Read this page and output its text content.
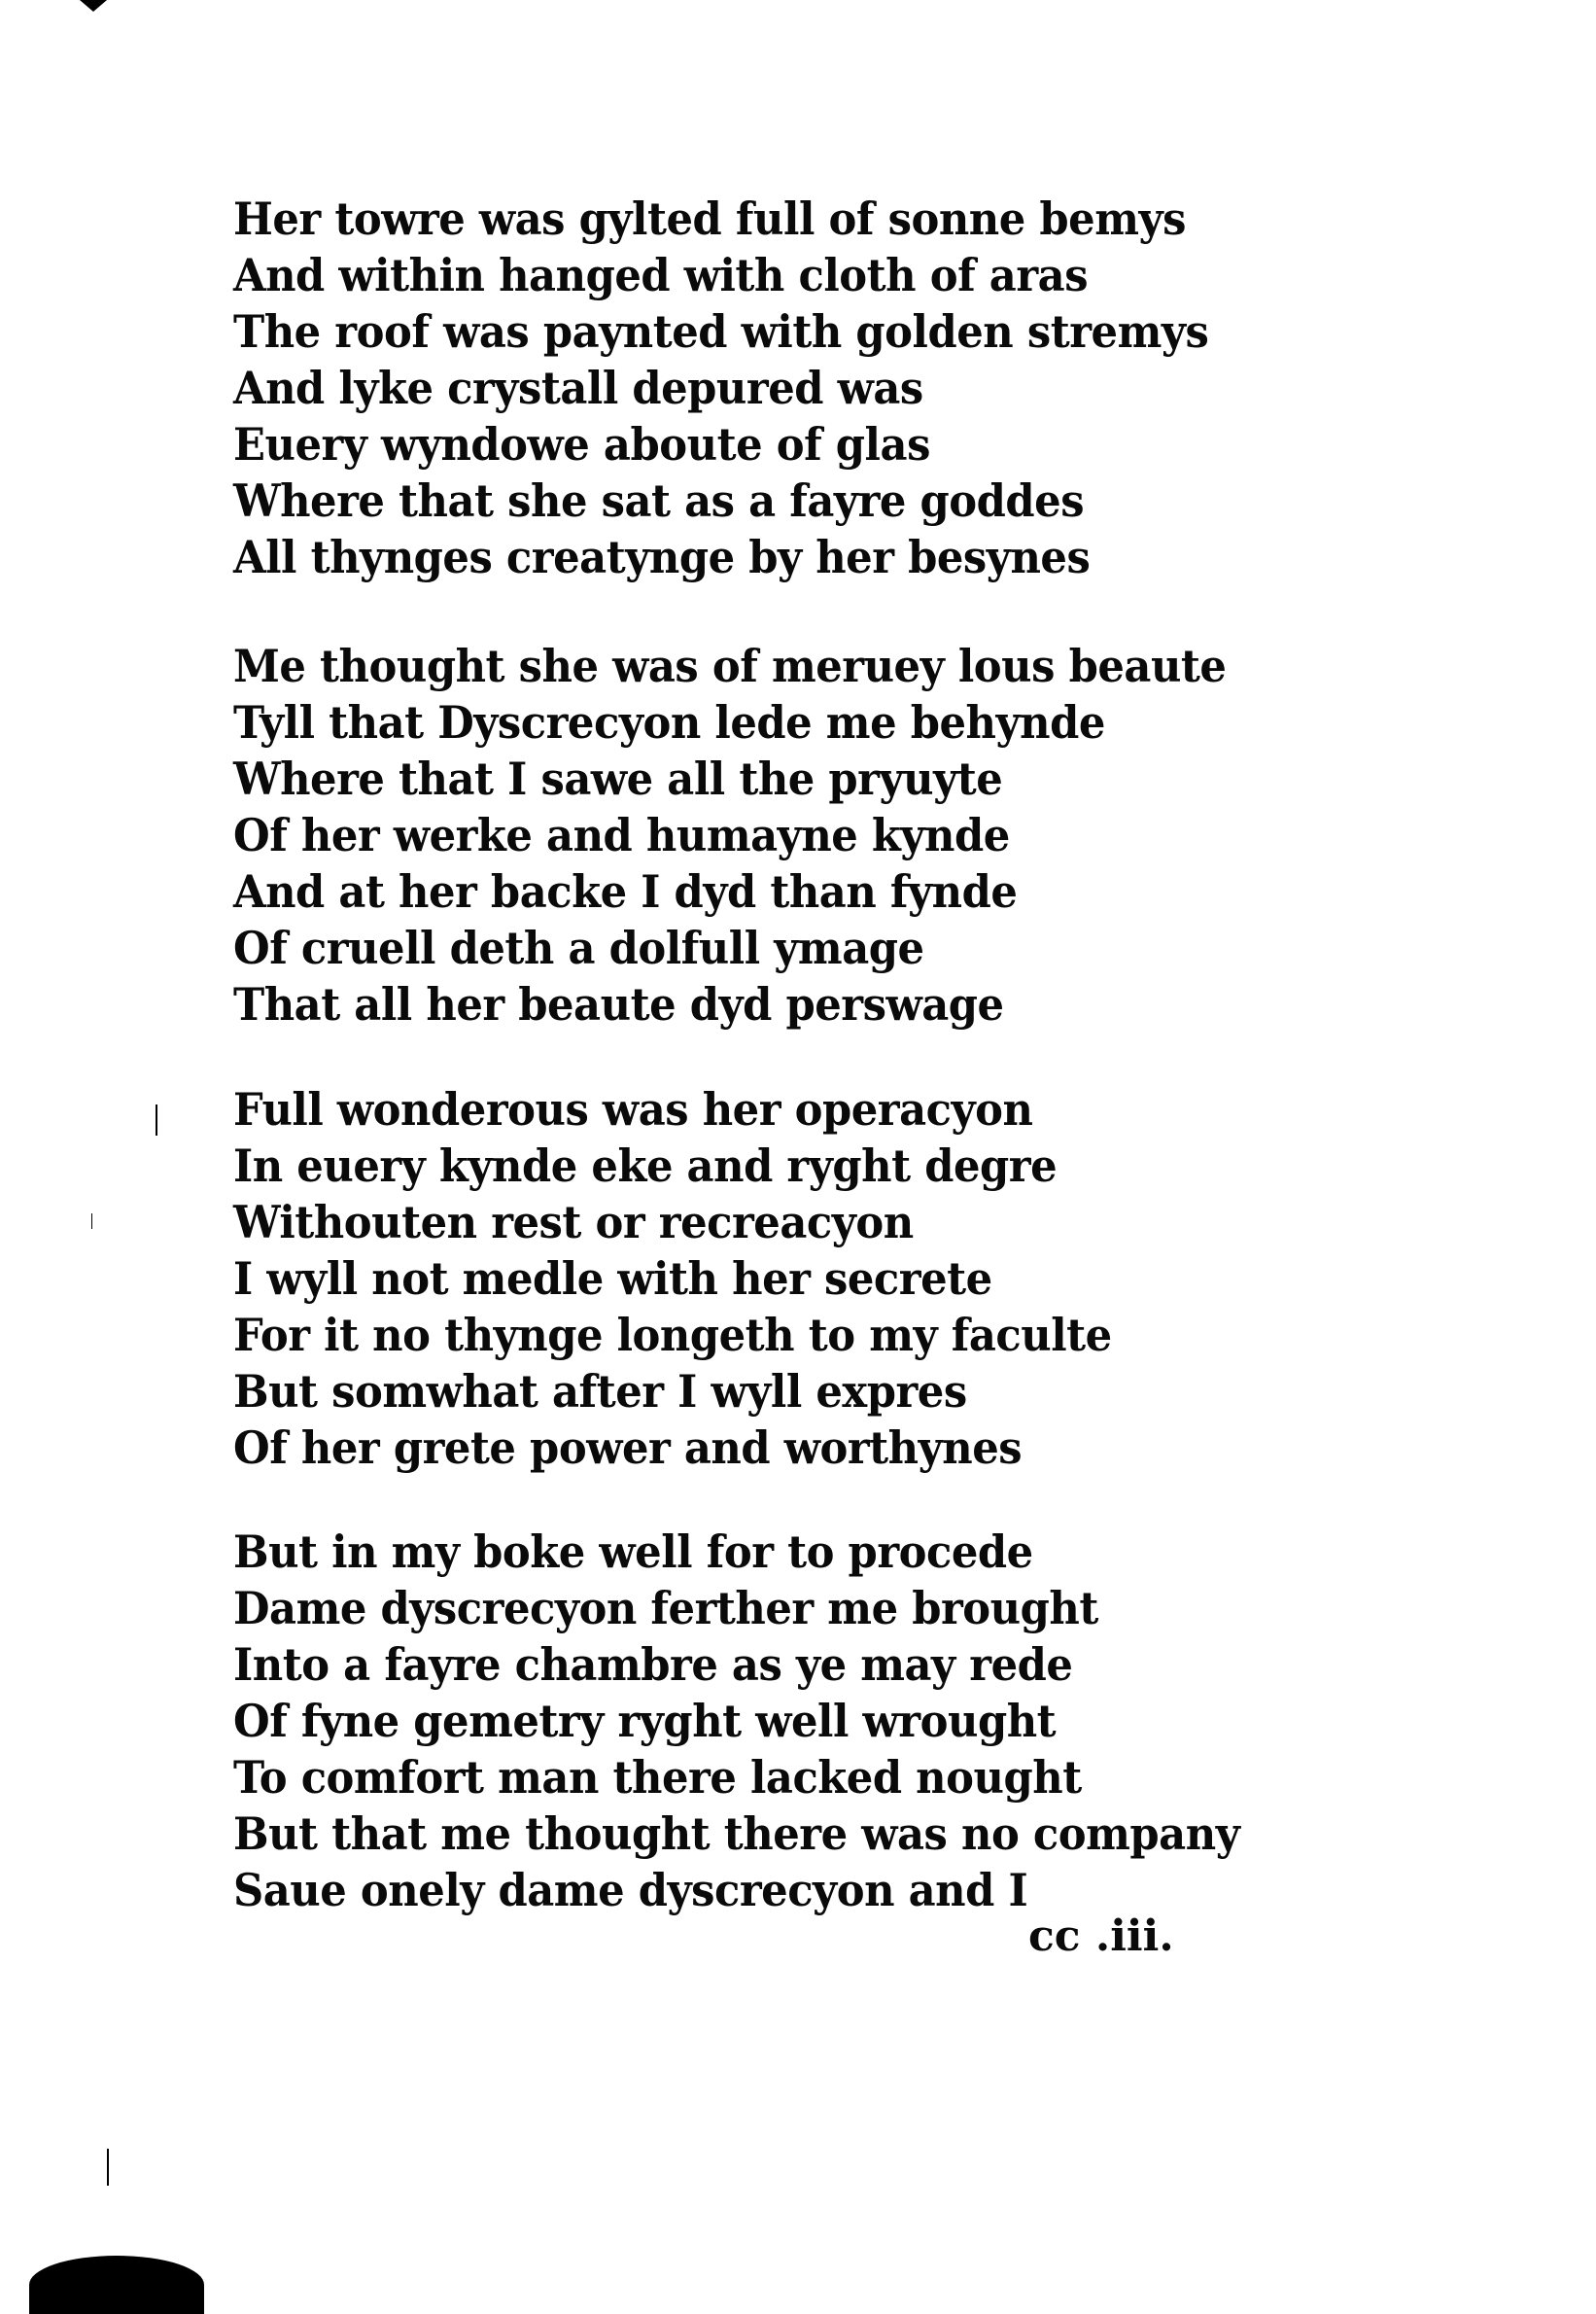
Her towre was gylted full of sonne bemys
And within hanged with cloth of aras
The roof was paynted with golden stremys
And lyke crystall depured was
Euery wyndowe aboute of glas
Where that she sat as a fayre goddes
All thynges creatynge by her besynes
Me thought she was of meruey lous beaute
Tyll that Dyscrecyon lede me behynde
Where that I sawe all the pryuyte
Of her werke and humayne kynde
And at her backe I dyd than fynde
Of cruell deth a dolfull ymage
That all her beaute dyd perswage
Full wonderous was her operacyon
In euery kynde eke and ryght degre
Withouten rest or recreacyon
I wyll not medle with her secrete
For it no thynge longeth to my faculte
But somwhat after I wyll expres
Of her grete power and worthynes
But in my boke well for to procede
Dame dyscrecyon ferther me brought
Into a fayre chambre as ye may rede
Of fyne gemetry ryght well wrought
To comfort man there lacked nought
But that me thought there was no company
Saue onely dame dyscrecyon and I
cc .iii.
